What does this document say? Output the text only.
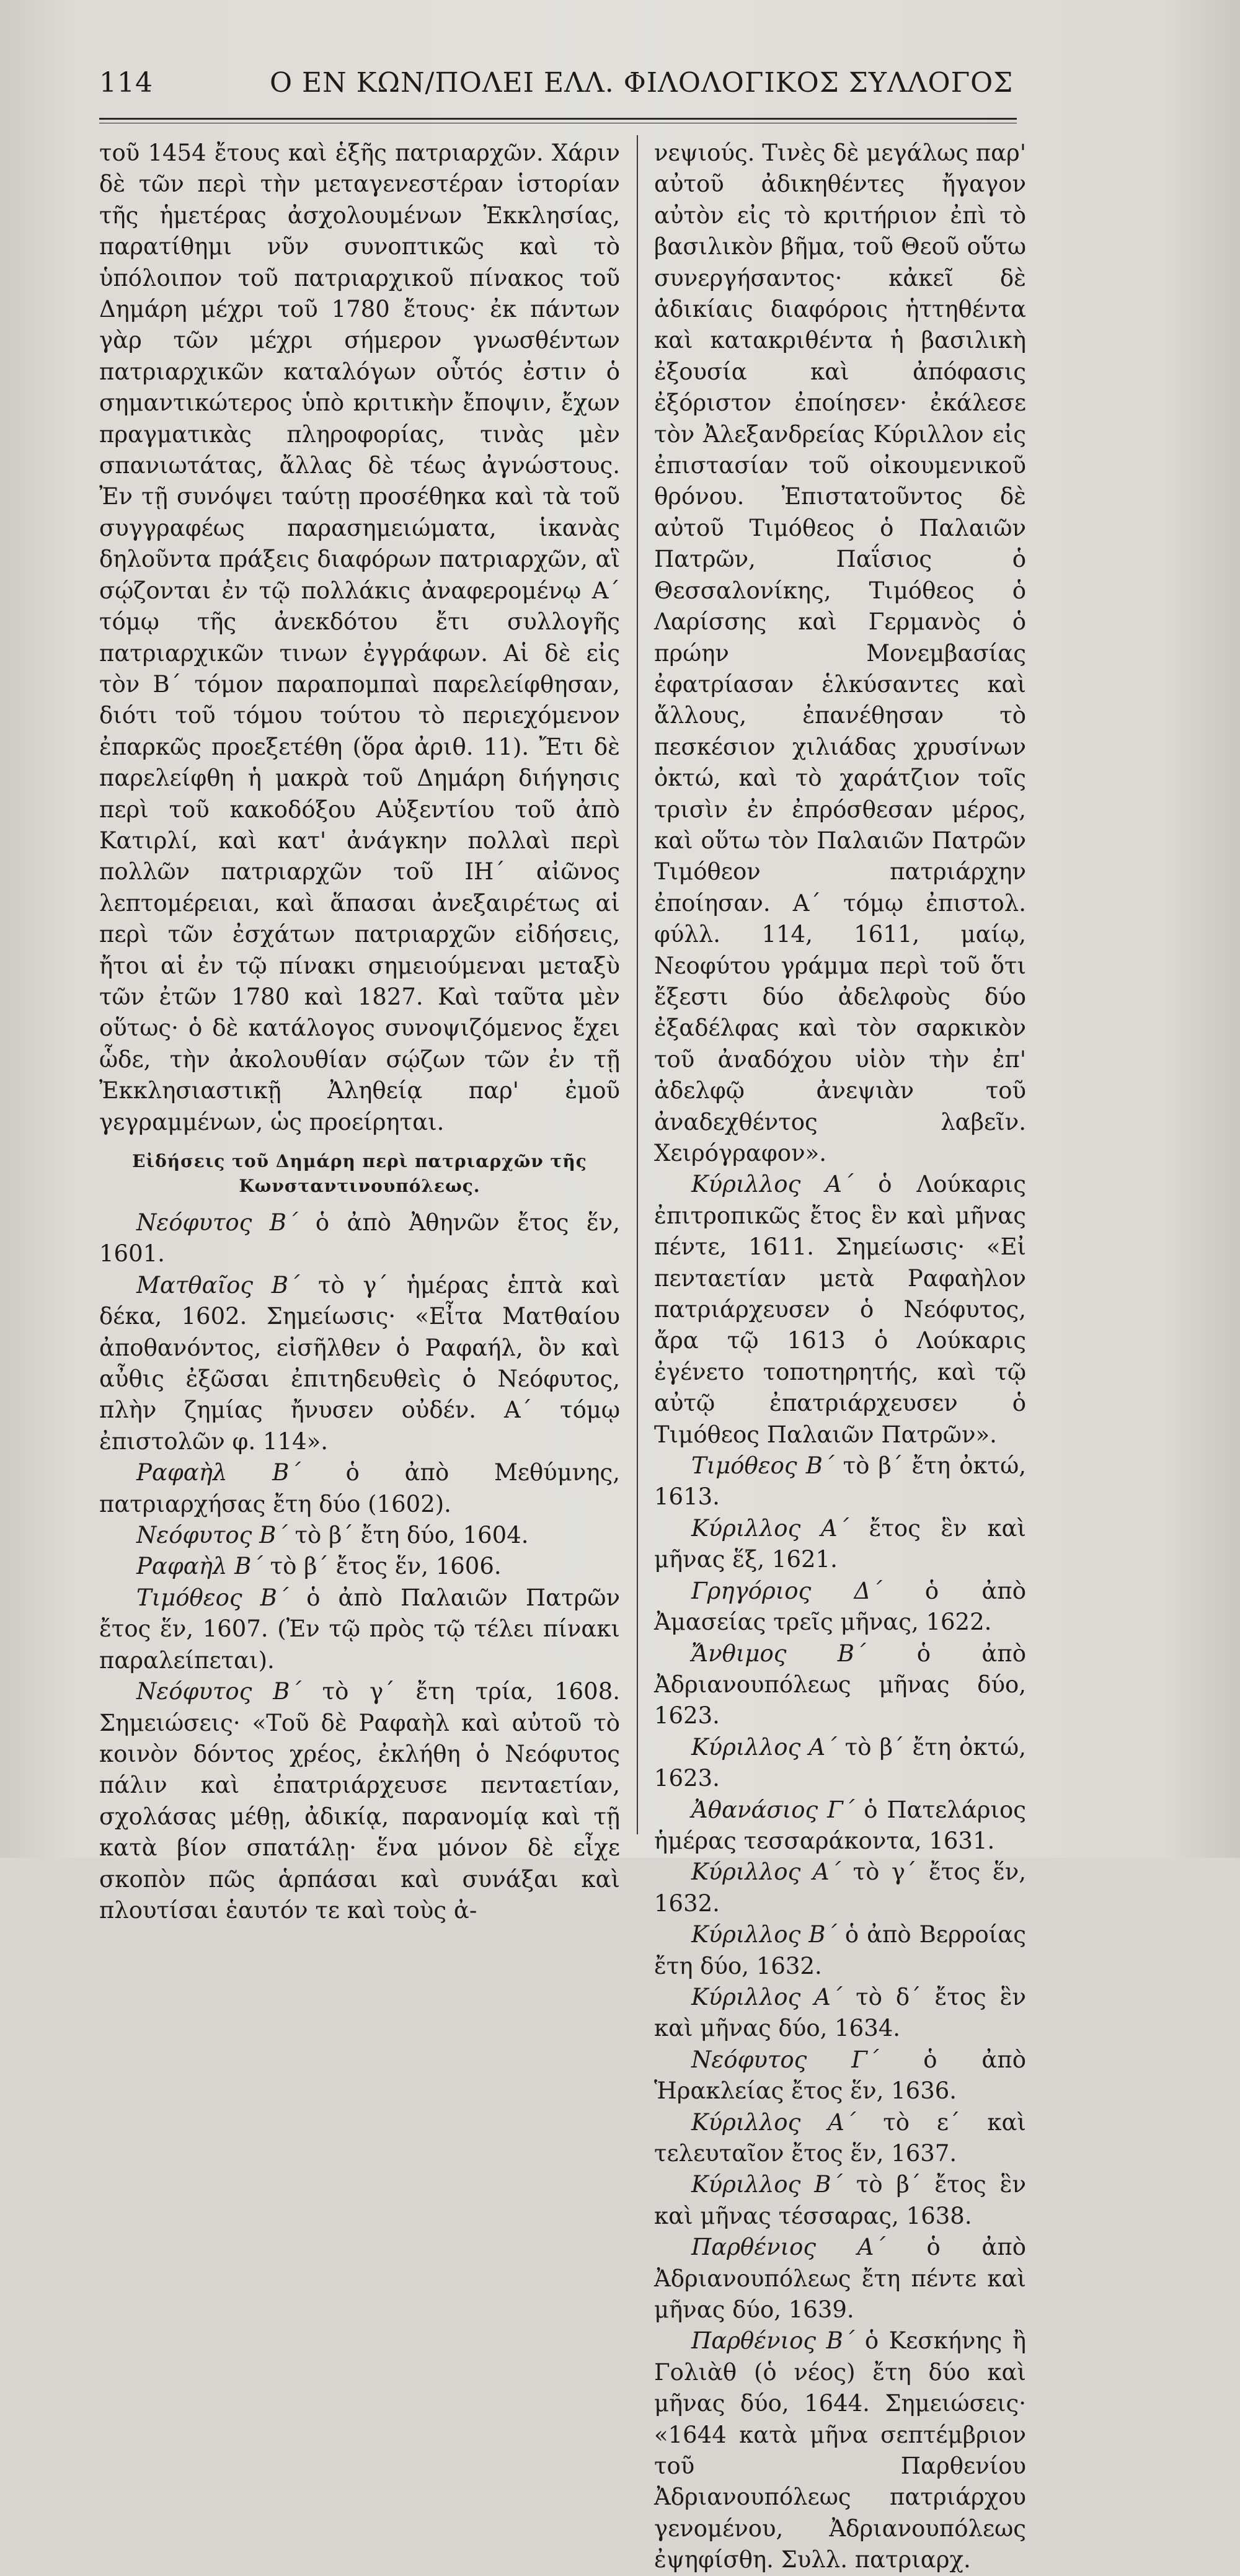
114	Ο ΕΝ ΚΩΝ/ΠΟΛΕΙ ΕΛΛ. ΦΙΛΟΛΟΓΙΚΟΣ ΣΥΛΛΟΓΟΣ

τοῦ 1454 ἔτους καὶ ἑξῆς πατριαρχῶν. Χάριν δὲ τῶν περὶ τὴν μεταγενεστέραν ἱστορίαν τῆς ἡμετέρας ἀσχολουμένων Ἐκκλησίας, παρατίθημι νῦν συνοπτικῶς καὶ τὸ ὑπόλοιπον τοῦ πατριαρχικοῦ πίνακος τοῦ Δημάρη μέχρι τοῦ 1780 ἔτους· ἐκ πάντων γὰρ τῶν μέχρι σήμερον γνωσθέντων πατριαρχικῶν καταλόγων οὗτός ἐστιν ὁ σημαντικώτερος ὑπὸ κριτικὴν ἔποψιν, ἔχων πραγματικὰς πληροφορίας, τινὰς μὲν σπανιωτάτας, ἄλλας δὲ τέως ἀγνώστους. Ἐν τῇ συνόψει ταύτῃ προσέθηκα καὶ τὰ τοῦ συγγραφέως παρασημειώματα, ἱκανὰς δηλοῦντα πράξεις διαφόρων πατριαρχῶν, αἳ σῴζονται ἐν τῷ πολλάκις ἀναφερομένῳ Α΄ τόμῳ τῆς ἀνεκδότου ἔτι συλλογῆς πατριαρχικῶν τινων ἐγγράφων. Αἱ δὲ εἰς τὸν Β΄ τόμον παραπομπαὶ παρελείφθησαν, διότι τοῦ τόμου τούτου τὸ περιεχόμενον ἐπαρκῶς προεξετέθη (ὅρα ἀριθ. 11). Ἔτι δὲ παρελείφθη ἡ μακρὰ τοῦ Δημάρη διήγησις περὶ τοῦ κακοδόξου Αὐξεντίου τοῦ ἀπὸ Κατιρλί, καὶ κατ' ἀνάγκην πολλαὶ περὶ πολλῶν πατριαρχῶν τοῦ ΙΗ΄ αἰῶνος λεπτομέρειαι, καὶ ἅπασαι ἀνεξαιρέτως αἱ περὶ τῶν ἐσχάτων πατριαρχῶν εἰδήσεις, ἤτοι αἱ ἐν τῷ πίνακι σημειούμεναι μεταξὺ τῶν ἐτῶν 1780 καὶ 1827. Καὶ ταῦτα μὲν οὕτως· ὁ δὲ κατάλογος συνοψιζόμενος ἔχει ὧδε, τὴν ἀκολουθίαν σῴζων τῶν ἐν τῇ Ἐκκλησιαστικῇ Ἀληθείᾳ παρ' ἐμοῦ γεγραμμένων, ὡς προείρηται.

Εἰδήσεις τοῦ Δημάρη περὶ πατριαρχῶν τῆς Κωνσταντινουπόλεως.

Νεόφυτος Β΄ ὁ ἀπὸ Ἀθηνῶν ἔτος ἕν, 1601.

Ματθαῖος Β΄ τὸ γ΄ ἡμέρας ἑπτὰ καὶ δέκα, 1602. Σημείωσις· «Εἶτα Ματθαίου ἀποθανόντος, εἰσῆλθεν ὁ Ραφαήλ, ὃν καὶ αὖθις ἐξῶσαι ἐπιτηδευθεὶς ὁ Νεόφυτος, πλὴν ζημίας ἤνυσεν οὐδέν. Α΄ τόμῳ ἐπιστολῶν φ. 114».

Ραφαὴλ Β΄ ὁ ἀπὸ Μεθύμνης, πατριαρχήσας ἔτη δύο (1602).

Νεόφυτος Β΄ τὸ β΄ ἔτη δύο, 1604.

Ραφαὴλ Β΄ τὸ β΄ ἔτος ἕν, 1606.

Τιμόθεος Β΄ ὁ ἀπὸ Παλαιῶν Πατρῶν ἔτος ἕν, 1607. (Ἐν τῷ πρὸς τῷ τέλει πίνακι παραλείπεται).

Νεόφυτος Β΄ τὸ γ΄ ἔτη τρία, 1608. Σημειώσεις· «Τοῦ δὲ Ραφαὴλ καὶ αὐτοῦ τὸ κοινὸν δόντος χρέος, ἐκλήθη ὁ Νεόφυτος πάλιν καὶ ἐπατριάρχευσε πενταετίαν, σχολάσας μέθῃ, ἀδικίᾳ, παρανομίᾳ καὶ τῇ κατὰ βίον σπατάλῃ· ἕνα μόνον δὲ εἶχε σκοπὸν πῶς ἁρπάσαι καὶ συνάξαι καὶ πλουτίσαι ἑαυτόν τε καὶ τοὺς ἀ-

νεψιούς. Τινὲς δὲ μεγάλως παρ' αὐτοῦ ἀδικηθέντες ἤγαγον αὐτὸν εἰς τὸ κριτήριον ἐπὶ τὸ βασιλικὸν βῆμα, τοῦ Θεοῦ οὕτω συνεργήσαντος· κἀκεῖ δὲ ἀδικίαις διαφόροις ἡττηθέντα καὶ κατακριθέντα ἡ βασιλικὴ ἐξουσία καὶ ἀπόφασις ἐξόριστον ἐποίησεν· ἐκάλεσε τὸν Ἀλεξανδρείας Κύριλλον εἰς ἐπιστασίαν τοῦ οἰκουμενικοῦ θρόνου. Ἐπιστατοῦντος δὲ αὐτοῦ Τιμόθεος ὁ Παλαιῶν Πατρῶν, Παΐσιος ὁ Θεσσαλονίκης, Τιμόθεος ὁ Λαρίσσης καὶ Γερμανὸς ὁ πρώην Μονεμβασίας ἐφατρίασαν ἑλκύσαντες καὶ ἄλλους, ἐπανέθησαν τὸ πεσκέσιον χιλιάδας χρυσίνων ὀκτώ, καὶ τὸ χαράτζιον τοῖς τρισὶν ἐν ἐπρόσθεσαν μέρος, καὶ οὕτω τὸν Παλαιῶν Πατρῶν Τιμόθεον πατριάρχην ἐποίησαν. Α΄ τόμῳ ἐπιστολ. φύλλ. 114, 1611, μαίῳ, Νεοφύτου γράμμα περὶ τοῦ ὅτι ἔξεστι δύο ἀδελφοὺς δύο ἐξαδέλφας καὶ τὸν σαρκικὸν τοῦ ἀναδόχου υἱὸν τὴν ἐπ' ἀδελφῷ ἀνεψιὰν τοῦ ἀναδεχθέντος λαβεῖν. Χειρόγραφον».

Κύριλλος Α΄ ὁ Λούκαρις ἐπιτροπικῶς ἔτος ἓν καὶ μῆνας πέντε, 1611. Σημείωσις· «Εἰ πενταετίαν μετὰ Ραφαὴλον πατριάρχευσεν ὁ Νεόφυτος, ἄρα τῷ 1613 ὁ Λούκαρις ἐγένετο τοποτηρητής, καὶ τῷ αὐτῷ ἐπατριάρχευσεν ὁ Τιμόθεος Παλαιῶν Πατρῶν».

Τιμόθεος Β΄ τὸ β΄ ἔτη ὀκτώ, 1613.

Κύριλλος Α΄ ἔτος ἓν καὶ μῆνας ἕξ, 1621.

Γρηγόριος Δ΄ ὁ ἀπὸ Ἀμασείας τρεῖς μῆνας, 1622.

Ἄνθιμος Β΄ ὁ ἀπὸ Ἀδριανουπόλεως μῆνας δύο, 1623.

Κύριλλος Α΄ τὸ β΄ ἔτη ὀκτώ, 1623.

Ἀθανάσιος Γ΄ ὁ Πατελάριος ἡμέρας τεσσαράκοντα, 1631.

Κύριλλος Α΄ τὸ γ΄ ἔτος ἕν, 1632.

Κύριλλος Β΄ ὁ ἀπὸ Βερροίας ἔτη δύο, 1632.

Κύριλλος Α΄ τὸ δ΄ ἔτος ἓν καὶ μῆνας δύο, 1634.

Νεόφυτος Γ΄ ὁ ἀπὸ Ἡρακλείας ἔτος ἕν, 1636.

Κύριλλος Α΄ τὸ ε΄ καὶ τελευταῖον ἔτος ἕν, 1637.

Κύριλλος Β΄ τὸ β΄ ἔτος ἓν καὶ μῆνας τέσσαρας, 1638.

Παρθένιος Α΄ ὁ ἀπὸ Ἀδριανουπόλεως ἔτη πέντε καὶ μῆνας δύο, 1639.

Παρθένιος Β΄ ὁ Κεσκήνης ἢ Γολιὰθ (ὁ νέος) ἔτη δύο καὶ μῆνας δύο, 1644. Σημειώσεις· «1644 κατὰ μῆνα σεπτέμβριον τοῦ Παρθενίου Ἀδριανουπόλεως πατριάρχου γενομένου, Ἀδριανουπόλεως ἐψηφίσθη. Συλλ. πατριαρχ.
